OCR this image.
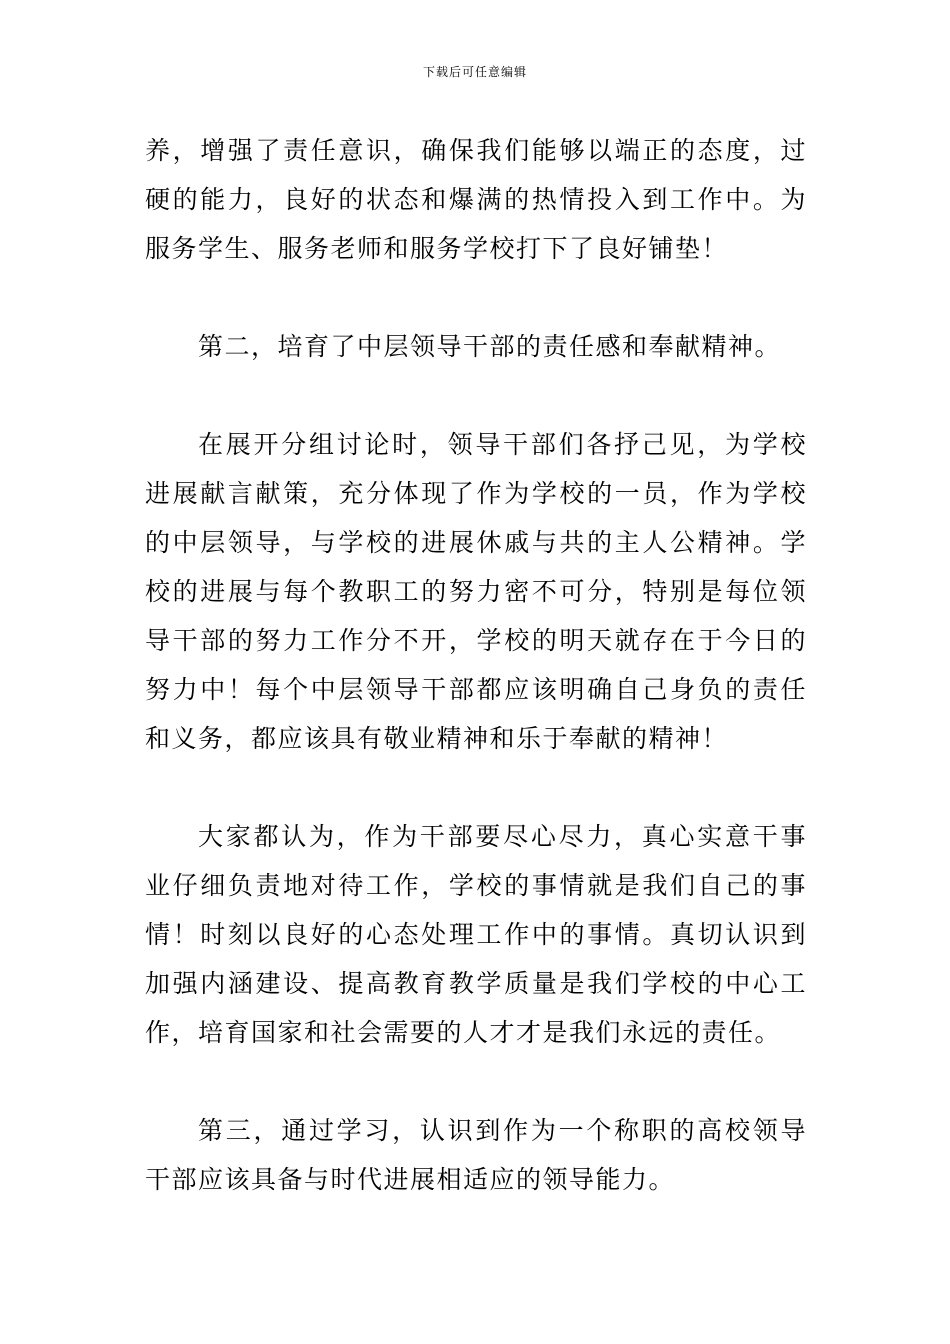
下载后可任意编辑

养，增强了责任意识，确保我们能够以端正的态度，过硬的能力，良好的状态和爆满的热情投入到工作中。为服务学生、服务老师和服务学校打下了良好铺垫！

第二，培育了中层领导干部的责任感和奉献精神。

在展开分组讨论时，领导干部们各抒己见，为学校进展献言献策，充分体现了作为学校的一员，作为学校的中层领导，与学校的进展休戚与共的主人公精神。学校的进展与每个教职工的努力密不可分，特别是每位领导干部的努力工作分不开，学校的明天就存在于今日的努力中！每个中层领导干部都应该明确自己身负的责任和义务，都应该具有敬业精神和乐于奉献的精神！

大家都认为，作为干部要尽心尽力，真心实意干事业仔细负责地对待工作，学校的事情就是我们自己的事情！时刻以良好的心态处理工作中的事情。真切认识到加强内涵建设、提高教育教学质量是我们学校的中心工作，培育国家和社会需要的人才才是我们永远的责任。

第三，通过学习，认识到作为一个称职的高校领导干部应该具备与时代进展相适应的领导能力。
